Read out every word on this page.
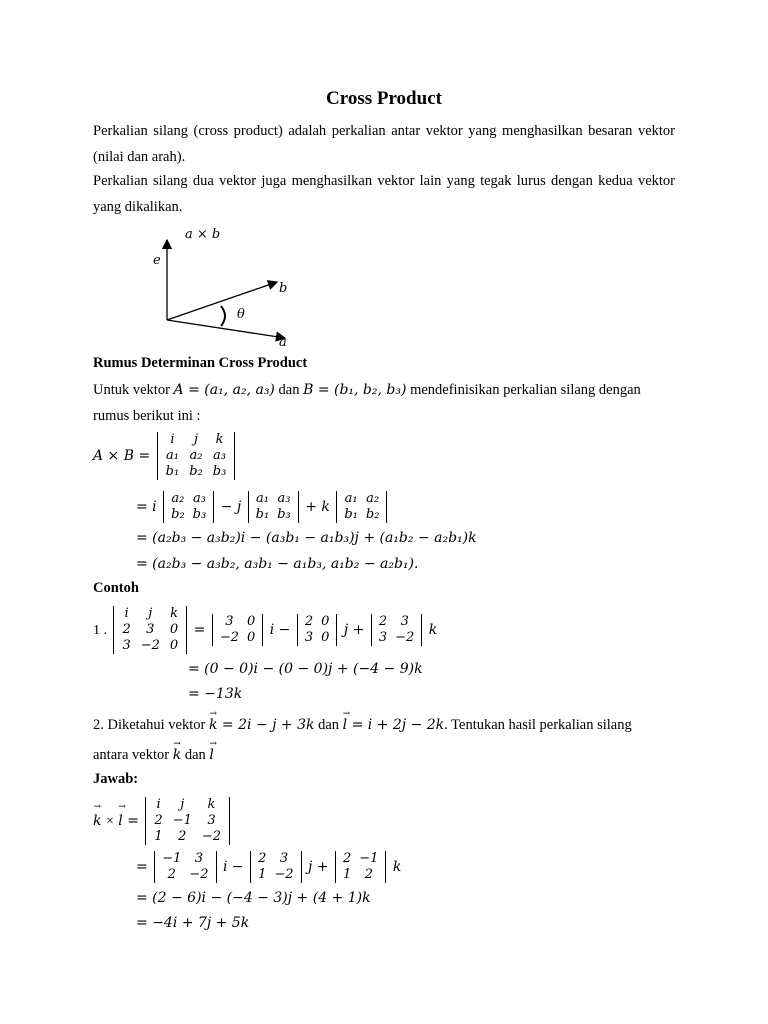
Cross Product
Perkalian silang (cross product) adalah perkalian antar vektor yang menghasilkan besaran vektor (nilai dan arah).
Perkalian silang dua vektor juga menghasilkan vektor lain yang tegak lurus dengan kedua vektor yang dikalikan.
a × b
e
b
θ
a
Rumus Determinan Cross Product
Untuk vektor A = (a₁, a₂, a₃) dan B = (b₁, b₂, b₃) mendefinisikan perkalian silang dengan
rumus berikut ini :
A × B =
i	j	k
a₁	a₂	a₃
b₁	b₂	b₃
= i
a₂	a₃
b₂	b₃ − j
a₁	a₃
b₁	b₃ + k
a₁	a₂
b₁	b₂
= (a₂b₃ − a₃b₂)i − (a₃b₁ − a₁b₃)j + (a₁b₂ − a₂b₁)k
= (a₂b₃ − a₃b₂, a₃b₁ − a₁b₃, a₁b₂ − a₂b₁).
Contoh
1 .
i	j	k
2	3	0
3	−2	0
=
3	0
−2	0 i −
2	0
3	0 j +
2	3
3	−2 k
= (0 − 0)i − (0 − 0)j + (−4 − 9)k
= −13k
2. Diketahui vektor → k = 2i − j + 3k dan → l = i + 2j − 2k. Tentukan hasil perkalian silang
antara vektor → k dan → l
Jawab:
→ k × → l =
i	j	k
2	−1	3
1	2	−2
=
−1	3
2	−2 i −
2	3
1	−2 j +
2	−1
1	2 k
= (2 − 6)i − (−4 − 3)j + (4 + 1)k
= −4i + 7j + 5k
